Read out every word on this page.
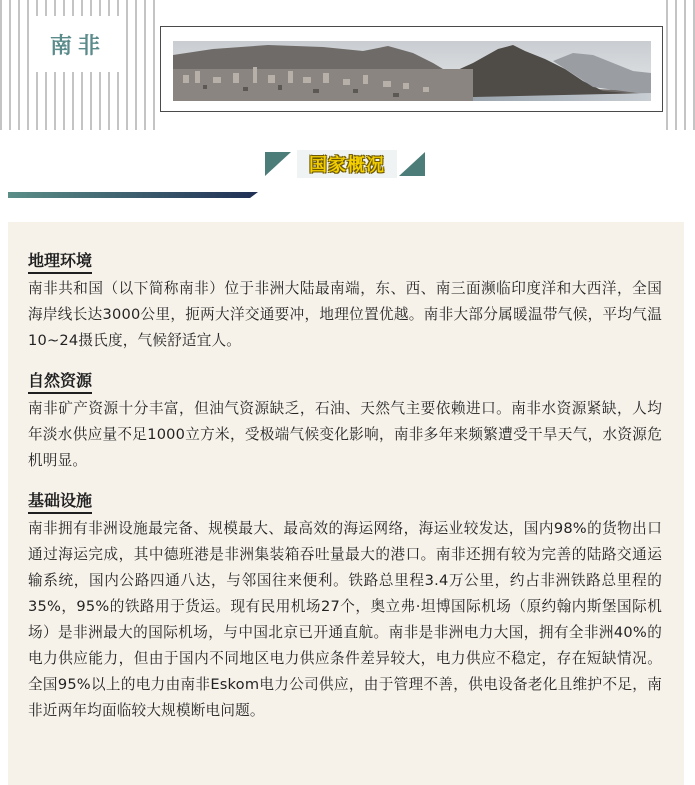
南非
国家概况
地理环境

南非共和国（以下简称南非）位于非洲大陆最南端，东、西、南三面濒临印度洋和大西洋，全国海岸线长达3000公里，扼两大洋交通要冲，地理位置优越。南非大部分属暖温带气候，平均气温10~24摄氏度，气候舒适宜人。

自然资源

南非矿产资源十分丰富，但油气资源缺乏，石油、天然气主要依赖进口。南非水资源紧缺，人均年淡水供应量不足1000立方米，受极端气候变化影响，南非多年来频繁遭受干旱天气，水资源危机明显。

基础设施

南非拥有非洲设施最完备、规模最大、最高效的海运网络，海运业较发达，国内98%的货物出口通过海运完成，其中德班港是非洲集装箱吞吐量最大的港口。南非还拥有较为完善的陆路交通运输系统，国内公路四通八达，与邻国往来便利。铁路总里程3.4万公里，约占非洲铁路总里程的35%，95%的铁路用于货运。现有民用机场27个，奥立弗·坦博国际机场（原约翰内斯堡国际机场）是非洲最大的国际机场，与中国北京已开通直航。南非是非洲电力大国，拥有全非洲40%的电力供应能力，但由于国内不同地区电力供应条件差异较大，电力供应不稳定，存在短缺情况。全国95%以上的电力由南非Eskom电力公司供应，由于管理不善，供电设备老化且维护不足，南非近两年均面临较大规模断电问题。
